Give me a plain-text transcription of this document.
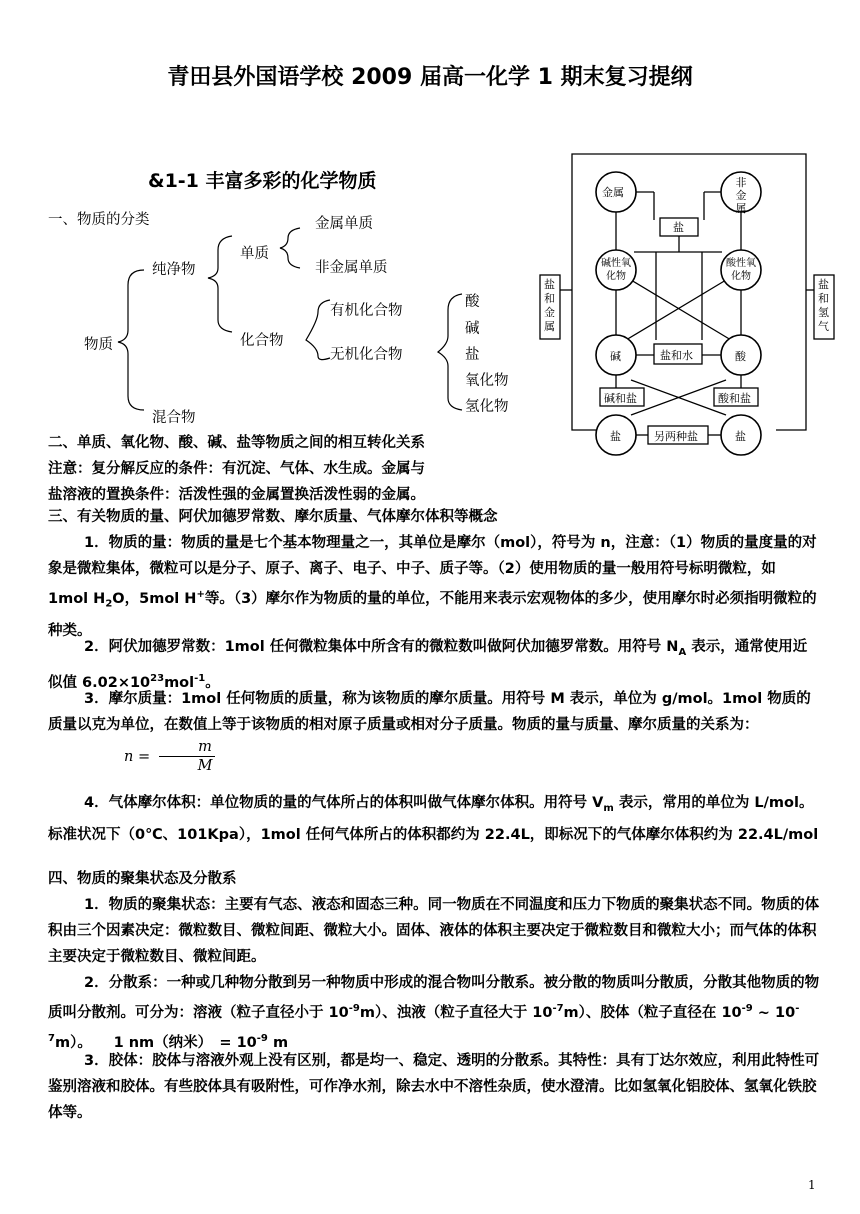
青田县外国语学校 2009 届高一化学 1 期末复习提纲
&1-1 丰富多彩的化学物质
一、物质的分类
物质
纯净物
混合物
单质
金属单质
非金属单质
化合物
有机化合物
无机化合物
酸
碱
盐
氧化物
氢化物
金属
非金属
盐
碱性氧化物
酸性氧化物
碱	酸
盐和水
碱和盐	酸和盐
盐	盐
另两种盐
盐和金属
盐和氢气
二、单质、氧化物、酸、碱、盐等物质之间的相互转化关系
注意：复分解反应的条件：有沉淀、气体、水生成。金属与
盐溶液的置换条件：活泼性强的金属置换活泼性弱的金属。
三、有关物质的量、阿伏加德罗常数、摩尔质量、气体摩尔体积等概念
1．物质的量：物质的量是七个基本物理量之一，其单位是摩尔（mol），符号为 n，注意：（1）物质的量度量的对象是微粒集体，微粒可以是分子、原子、离子、电子、中子、质子等。（2）使用物质的量一般用符号标明微粒，如 1mol $H_2O$，5mol H+等。（3）摩尔作为物质的量的单位，不能用来表示宏观物体的多少，使用摩尔时必须指明微粒的种类。
2．阿伏加德罗常数：1mol 任何微粒集体中所含有的微粒数叫做阿伏加德罗常数。用符号 $N_A$ 表示，通常使用近似值 $6.02\times 10^{23}mol^{-1}$。
3．摩尔质量：1mol 任何物质的质量，称为该物质的摩尔质量。用符号 M 表示，单位为 g/mol。1mol 物质的质量以克为单位，在数值上等于该物质的相对原子质量或相对分子质量。物质的量与质量、摩尔质量的关系为： $n = \frac{m}{M}$
4．气体摩尔体积：单位物质的量的气体所占的体积叫做气体摩尔体积。用符号 $V_m$ 表示，常用的单位为 L/mol。标准状况下（0℃、101Kpa），1mol 任何气体所占的体积都约为 22.4L，即标况下的气体摩尔体积约为 22.4L/mol
四、物质的聚集状态及分散系
1．物质的聚集状态：主要有气态、液态和固态三种。同一物质在不同温度和压力下物质的聚集状态不同。物质的体积由三个因素决定：微粒数目、微粒间距、微粒大小。固体、液体的体积主要决定于微粒数目和微粒大小；而气体的体积主要决定于微粒数目、微粒间距。
2．分散系：一种或几种物分散到另一种物质中形成的混合物叫分散系。被分散的物质叫分散质，分散其他物质的物质叫分散剂。可分为：溶液（粒子直径小于 $10^{-9}m$）、浊液（粒子直径大于 $10^{-7}m$）、胶体（粒子直径在 $10^{-9}$ ~ $10^{-7}m$）。　　1 nm（纳米）　= $10^{-9}$ m
3．胶体：胶体与溶液外观上没有区别，都是均一、稳定、透明的分散系。其特性：具有丁达尔效应，利用此特性可鉴别溶液和胶体。有些胶体具有吸附性，可作净水剂，除去水中不溶性杂质，使水澄清。比如氢氧化铝胶体、氢氧化铁胶体等。
1
